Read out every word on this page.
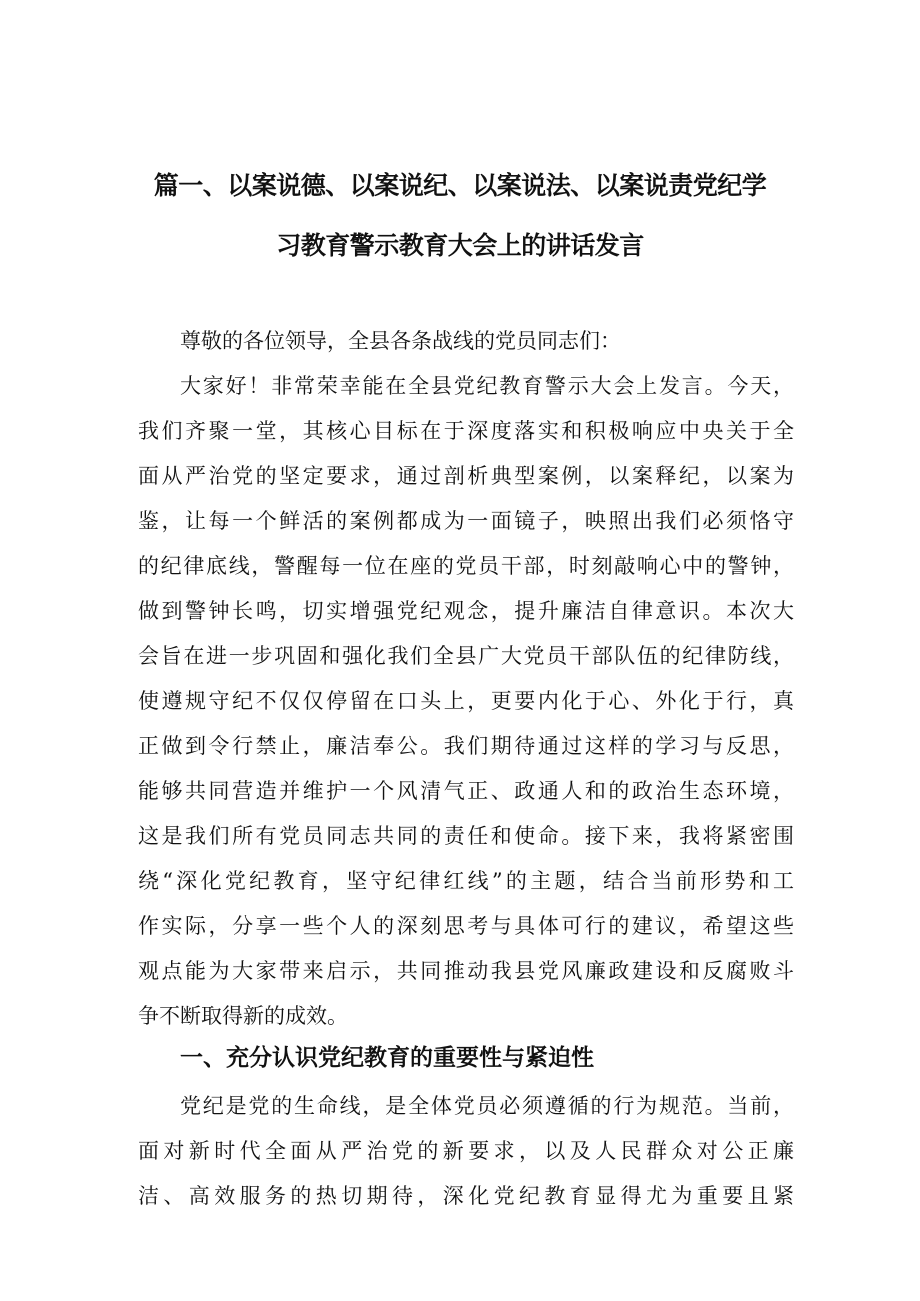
篇一、以案说德、以案说纪、以案说法、以案说责党纪学
习教育警示教育大会上的讲话发言
尊敬的各位领导，全县各条战线的党员同志们：
大家好！非常荣幸能在全县党纪教育警示大会上发言。今天，
我们齐聚一堂，其核心目标在于深度落实和积极响应中央关于全
面从严治党的坚定要求，通过剖析典型案例，以案释纪，以案为
鉴，让每一个鲜活的案例都成为一面镜子，映照出我们必须恪守
的纪律底线，警醒每一位在座的党员干部，时刻敲响心中的警钟，
做到警钟长鸣，切实增强党纪观念，提升廉洁自律意识。本次大
会旨在进一步巩固和强化我们全县广大党员干部队伍的纪律防线，
使遵规守纪不仅仅停留在口头上，更要内化于心、外化于行，真
正做到令行禁止，廉洁奉公。我们期待通过这样的学习与反思，
能够共同营造并维护一个风清气正、政通人和的政治生态环境，
这是我们所有党员同志共同的责任和使命。接下来，我将紧密围
绕“深化党纪教育，坚守纪律红线”的主题，结合当前形势和工
作实际，分享一些个人的深刻思考与具体可行的建议，希望这些
观点能为大家带来启示，共同推动我县党风廉政建设和反腐败斗
争不断取得新的成效。
一、充分认识党纪教育的重要性与紧迫性
党纪是党的生命线，是全体党员必须遵循的行为规范。当前，
面对新时代全面从严治党的新要求，以及人民群众对公正廉
洁、高效服务的热切期待，深化党纪教育显得尤为重要且紧
